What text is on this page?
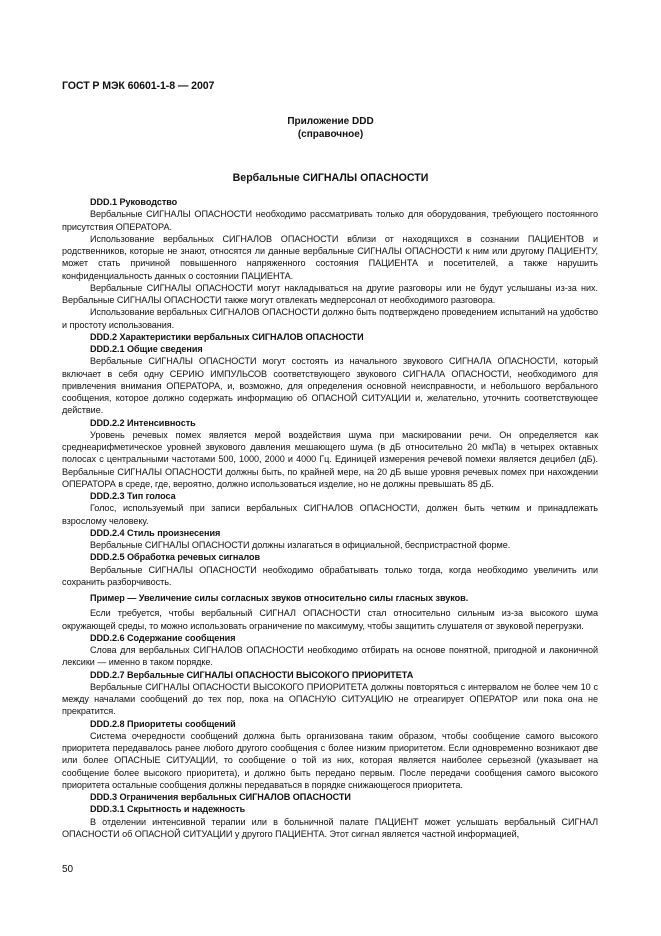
ГОСТ Р МЭК 60601-1-8 — 2007
Приложение DDD
(справочное)
Вербальные СИГНАЛЫ ОПАСНОСТИ

DDD.1 Руководство

Вербальные СИГНАЛЫ ОПАСНОСТИ необходимо рассматривать только для оборудования, требующего постоянного присутствия ОПЕРАТОРА.

Использование вербальных СИГНАЛОВ ОПАСНОСТИ вблизи от находящихся в сознании ПАЦИЕНТОВ и родственников, которые не знают, относятся ли данные вербальные СИГНАЛЫ ОПАСНОСТИ к ним или другому ПАЦИЕНТУ, может стать причиной повышенного напряженного состояния ПАЦИЕНТА и посетителей, а также нарушить конфиденциальность данных о состоянии ПАЦИЕНТА.

Вербальные СИГНАЛЫ ОПАСНОСТИ могут накладываться на другие разговоры или не будут услышаны из-за них. Вербальные СИГНАЛЫ ОПАСНОСТИ также могут отвлекать медперсонал от необходимого разговора.

Использование вербальных СИГНАЛОВ ОПАСНОСТИ должно быть подтверждено проведением испытаний на удобство и простоту использования.

DDD.2 Характеристики вербальных СИГНАЛОВ ОПАСНОСТИ

DDD.2.1 Общие сведения

Вербальные СИГНАЛЫ ОПАСНОСТИ могут состоять из начального звукового СИГНАЛА ОПАСНОСТИ, который включает в себя одну СЕРИЮ ИМПУЛЬСОВ соответствующего звукового СИГНАЛА ОПАСНОСТИ, необходимого для привлечения внимания ОПЕРАТОРА, и, возможно, для определения основной неисправности, и небольшого вербального сообщения, которое должно содержать информацию об ОПАСНОЙ СИТУАЦИИ и, желательно, уточнить соответствующее действие.

DDD.2.2 Интенсивность

Уровень речевых помех является мерой воздействия шума при маскировании речи. Он определяется как среднеарифметическое уровней звукового давления мешающего шума (в дБ относительно 20 мкПа) в четырех октавных полосах с центральными частотами 500, 1000, 2000 и 4000 Гц. Единицей измерения речевой помехи является децибел (дБ). Вербальные СИГНАЛЫ ОПАСНОСТИ должны быть, по крайней мере, на 20 дБ выше уровня речевых помех при нахождении ОПЕРАТОРА в среде, где, вероятно, должно использоваться изделие, но не должны превышать 85 дБ.

DDD.2.3 Тип голоса

Голос, используемый при записи вербальных СИГНАЛОВ ОПАСНОСТИ, должен быть четким и принадлежать взрослому человеку.

DDD.2.4 Стиль произнесения

Вербальные СИГНАЛЫ ОПАСНОСТИ должны излагаться в официальной, беспристрастной форме.

DDD.2.5 Обработка речевых сигналов

Вербальные СИГНАЛЫ ОПАСНОСТИ необходимо обрабатывать только тогда, когда необходимо увеличить или сохранить разборчивость.

Пример — Увеличение силы согласных звуков относительно силы гласных звуков.

Если требуется, чтобы вербальный СИГНАЛ ОПАСНОСТИ стал относительно сильным из-за высокого шума окружающей среды, то можно использовать ограничение по максимуму, чтобы защитить слушателя от звуковой перегрузки.

DDD.2.6 Содержание сообщения

Слова для вербальных СИГНАЛОВ ОПАСНОСТИ необходимо отбирать на основе понятной, пригодной и лаконичной лексики — именно в таком порядке.

DDD.2.7 Вербальные СИГНАЛЫ ОПАСНОСТИ ВЫСОКОГО ПРИОРИТЕТА

Вербальные СИГНАЛЫ ОПАСНОСТИ ВЫСОКОГО ПРИОРИТЕТА должны повторяться с интервалом не более чем 10 с между началами сообщений до тех пор, пока на ОПАСНУЮ СИТУАЦИЮ не отреагирует ОПЕРАТОР или пока она не прекратится.

DDD.2.8 Приоритеты сообщений

Система очередности сообщений должна быть организована таким образом, чтобы сообщение самого высокого приоритета передавалось ранее любого другого сообщения с более низким приоритетом. Если одновременно возникают две или более ОПАСНЫЕ СИТУАЦИИ, то сообщение о той из них, которая является наиболее серьезной (указывает на сообщение более высокого приоритета), и должно быть передано первым. После передачи сообщения самого высокого приоритета остальные сообщения должны передаваться в порядке снижающегося приоритета.

DDD.3 Ограничения вербальных СИГНАЛОВ ОПАСНОСТИ

DDD.3.1 Скрытность и надежность

В отделении интенсивной терапии или в больничной палате ПАЦИЕНТ может услышать вербальный СИГНАЛ ОПАСНОСТИ об ОПАСНОЙ СИТУАЦИИ у другого ПАЦИЕНТА. Этот сигнал является частной информацией,

50
